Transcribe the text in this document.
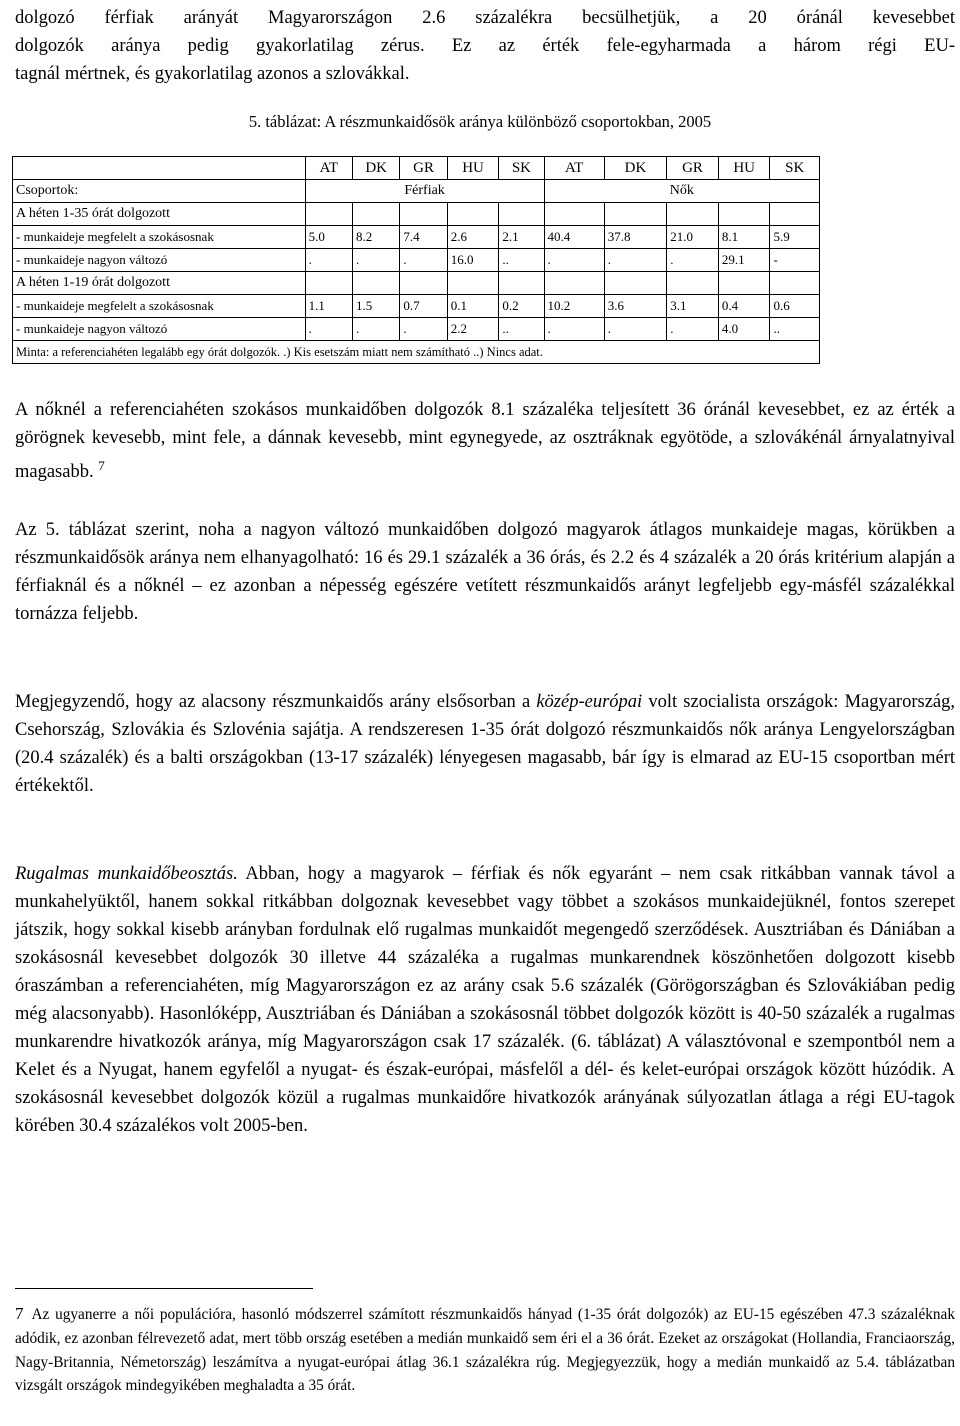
dolgozó férfiak arányát Magyarországon 2.6 százalékra becsülhetjük, a 20 óránál kevesebbet
dolgozók aránya pedig gyakorlatilag zérus. Ez az érték fele-egyharmada a három régi EU-
tagnál mértnek, és gyakorlatilag azonos a szlovákkal.

5. táblázat: A részmunkaidősök aránya különböző csoportokban, 2005

	AT	DK	GR	HU	SK	AT	DK	GR	HU	SK
Csoportok:	Férfiak					Nők				
A héten 1-35 órát dolgozott										
- munkaideje megfelelt a szokásosnak	5.0	8.2	7.4	2.6	2.1	40.4	37.8	21.0	8.1	5.9
- munkaideje nagyon változó	.	.	.	16.0	..	.	.	.	29.1	-
A héten 1-19 órát dolgozott										
- munkaideje megfelelt a szokásosnak	1.1	1.5	0.7	0.1	0.2	10.2	3.6	3.1	0.4	0.6
- munkaideje nagyon változó	.	.	.	2.2	..	.	.	.	4.0	..
Minta: a referenciahéten legalább egy órát dolgozók. .) Kis esetszám miatt nem számítható ..) Nincs adat.										

A nőknél a referenciahéten szokásos munkaidőben dolgozók 8.1 százaléka teljesített 36 óránál kevesebbet, ez az érték a görögnek kevesebb, mint fele, a dánnak kevesebb, mint egynegyede, az osztráknak egyötöde, a szlovákénál árnyalatnyival magasabb. $^7$

Az 5. táblázat szerint, noha a nagyon változó munkaidőben dolgozó magyarok átlagos munkaideje magas, körükben a részmunkaidősök aránya nem elhanyagolható: 16 és 29.1 százalék a 36 órás, és 2.2 és 4 százalék a 20 órás kritérium alapján a férfiaknál és a nőknél – ez azonban a népesség egészére vetített részmunkaidős arányt legfeljebb egy-másfél százalékkal tornázza feljebb.

Megjegyzendő, hogy az alacsony részmunkaidős arány elsősorban a közép-európai volt szocialista országok: Magyarország, Csehország, Szlovákia és Szlovénia sajátja. A rendszeresen 1-35 órát dolgozó részmunkaidős nők aránya Lengyelországban (20.4 százalék) és a balti országokban (13-17 százalék) lényegesen magasabb, bár így is elmarad az EU-15 csoportban mért értékektől.

Rugalmas munkaidőbeosztás. Abban, hogy a magyarok – férfiak és nők egyaránt – nem csak ritkábban vannak távol a munkahelyüktől, hanem sokkal ritkábban dolgoznak kevesebbet vagy többet a szokásos munkaidejüknél, fontos szerepet játszik, hogy sokkal kisebb arányban fordulnak elő rugalmas munkaidőt megengedő szerződések. Ausztriában és Dániában a szokásosnál kevesebbet dolgozók 30 illetve 44 százaléka a rugalmas munkarendnek köszönhetően dolgozott kisebb óraszámban a referenciahéten, míg Magyarországon ez az arány csak 5.6 százalék (Görögországban és Szlovákiában pedig még alacsonyabb). Hasonlóképp, Ausztriában és Dániában a szokásosnál többet dolgozók között is 40-50 százalék a rugalmas munkarendre hivatkozók aránya, míg Magyarországon csak 17 százalék. (6. táblázat) A választóvonal e szempontból nem a Kelet és a Nyugat, hanem egyfelől a nyugat- és észak-európai, másfelől a dél- és kelet-európai országok között húzódik. A szokásosnál kevesebbet dolgozók közül a rugalmas munkaidőre hivatkozók arányának súlyozatlan átlaga a régi EU-tagok körében 30.4 százalékos volt 2005-ben.

7 Az ugyanerre a női populációra, hasonló módszerrel számított részmunkaidős hányad (1-35 órát dolgozók) az EU-15 egészében 47.3 százaléknak adódik, ez azonban félrevezető adat, mert több ország esetében a medián munkaidő sem éri el a 36 órát. Ezeket az országokat (Hollandia, Franciaország, Nagy-Britannia, Németország) leszámítva a nyugat-európai átlag 36.1 százalékra rúg. Megjegyezzük, hogy a medián munkaidő az 5.4. táblázatban vizsgált országok mindegyikében meghaladta a 35 órát.
